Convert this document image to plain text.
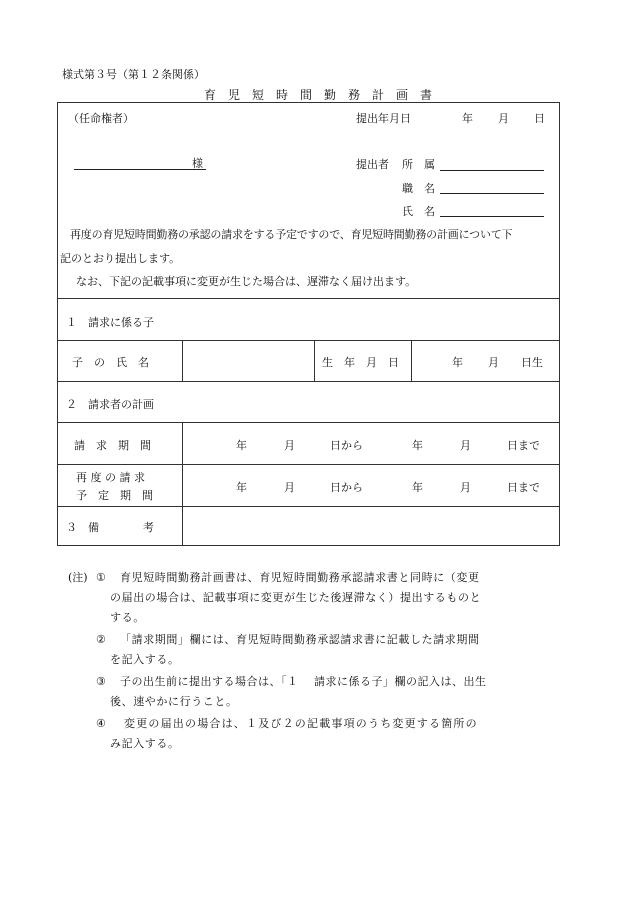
様式第３号（第１２条関係）
育　児　短　時　間　勤　務　計　画　書
（任命権者）	提出年月日	年 月 日
様	提出者 所　属
職　名
氏　名
再度の育児短時間勤務の承認の請求をする予定ですので、育児短時間勤務の計画について下
記のとおり提出します。
なお、下記の記載事項に変更が生じた場合は、遅滞なく届け出ます。
１　請求に係る子
子　の　氏　名	生　年　月　日	年 月 日生
２　請求者の計画
請　求　期　間	年	月	日から	年	月	日まで
再 度 の 請 求
予　定　期　間
年	月	日から	年	月	日まで
３　備　　　　考
(注) ① 育児短時間勤務計画書は、育児短時間勤務承認請求書と同時に（変更
の届出の場合は、記載事項に変更が生じた後遅滞なく）提出するものと
する。
② 「請求期間」欄には、育児短時間勤務承認請求書に記載した請求期間
を記入する。
③ 子の出生前に提出する場合は、「１　 請求に係る子」欄の記入は、出生
後、速やかに行うこと。
④ 変更の届出の場合は、１及び２の記載事項のうち変更する箇所の
み記入する。
